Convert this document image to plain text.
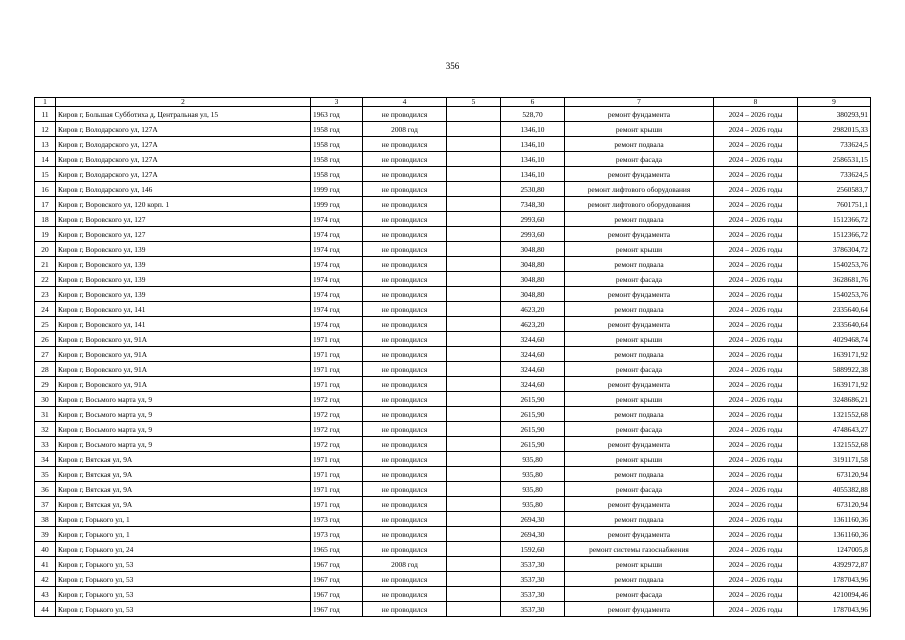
356
1	2	3	4	5	6	7	8	9
11	Киров г, Большая Субботиха д, Центральная ул, 15	1963 год	не проводился		528,70	ремонт фундамента	2024 – 2026 годы	380293,91
12	Киров г, Володарского ул, 127А	1958 год	2008 год		1346,10	ремонт крыши	2024 – 2026 годы	2982015,33
13	Киров г, Володарского ул, 127А	1958 год	не проводился		1346,10	ремонт подвала	2024 – 2026 годы	733624,5
14	Киров г, Володарского ул, 127А	1958 год	не проводился		1346,10	ремонт фасада	2024 – 2026 годы	2586531,15
15	Киров г, Володарского ул, 127А	1958 год	не проводился		1346,10	ремонт фундамента	2024 – 2026 годы	733624,5
16	Киров г, Володарского ул, 146	1999 год	не проводился		2530,80	ремонт лифтового оборудования	2024 – 2026 годы	2560583,7
17	Киров г, Воровского ул, 120 корп. 1	1999 год	не проводился		7348,30	ремонт лифтового оборудования	2024 – 2026 годы	7601751,1
18	Киров г, Воровского ул, 127	1974 год	не проводился		2993,60	ремонт подвала	2024 – 2026 годы	1512366,72
19	Киров г, Воровского ул, 127	1974 год	не проводился		2993,60	ремонт фундамента	2024 – 2026 годы	1512366,72
20	Киров г, Воровского ул, 139	1974 год	не проводился		3048,80	ремонт крыши	2024 – 2026 годы	3786304,72
21	Киров г, Воровского ул, 139	1974 год	не проводился		3048,80	ремонт подвала	2024 – 2026 годы	1540253,76
22	Киров г, Воровского ул, 139	1974 год	не проводился		3048,80	ремонт фасада	2024 – 2026 годы	3628681,76
23	Киров г, Воровского ул, 139	1974 год	не проводился		3048,80	ремонт фундамента	2024 – 2026 годы	1540253,76
24	Киров г, Воровского ул, 141	1974 год	не проводился		4623,20	ремонт подвала	2024 – 2026 годы	2335640,64
25	Киров г, Воровского ул, 141	1974 год	не проводился		4623,20	ремонт фундамента	2024 – 2026 годы	2335640,64
26	Киров г, Воровского ул, 91А	1971 год	не проводился		3244,60	ремонт крыши	2024 – 2026 годы	4029468,74
27	Киров г, Воровского ул, 91А	1971 год	не проводился		3244,60	ремонт подвала	2024 – 2026 годы	1639171,92
28	Киров г, Воровского ул, 91А	1971 год	не проводился		3244,60	ремонт фасада	2024 – 2026 годы	5889922,38
29	Киров г, Воровского ул, 91А	1971 год	не проводился		3244,60	ремонт фундамента	2024 – 2026 годы	1639171,92
30	Киров г, Восьмого марта ул, 9	1972 год	не проводился		2615,90	ремонт крыши	2024 – 2026 годы	3248686,21
31	Киров г, Восьмого марта ул, 9	1972 год	не проводился		2615,90	ремонт подвала	2024 – 2026 годы	1321552,68
32	Киров г, Восьмого марта ул, 9	1972 год	не проводился		2615,90	ремонт фасада	2024 – 2026 годы	4748643,27
33	Киров г, Восьмого марта ул, 9	1972 год	не проводился		2615,90	ремонт фундамента	2024 – 2026 годы	1321552,68
34	Киров г, Вятская ул, 9А	1971 год	не проводился		935,80	ремонт крыши	2024 – 2026 годы	3191171,58
35	Киров г, Вятская ул, 9А	1971 год	не проводился		935,80	ремонт подвала	2024 – 2026 годы	673120,94
36	Киров г, Вятская ул, 9А	1971 год	не проводился		935,80	ремонт фасада	2024 – 2026 годы	4055382,88
37	Киров г, Вятская ул, 9А	1971 год	не проводился		935,80	ремонт фундамента	2024 – 2026 годы	673120,94
38	Киров г, Горького ул, 1	1973 год	не проводился		2694,30	ремонт подвала	2024 – 2026 годы	1361160,36
39	Киров г, Горького ул, 1	1973 год	не проводился		2694,30	ремонт фундамента	2024 – 2026 годы	1361160,36
40	Киров г, Горького ул, 24	1965 год	не проводился		1592,60	ремонт системы газоснабжения	2024 – 2026 годы	1247005,8
41	Киров г, Горького ул, 53	1967 год	2008 год		3537,30	ремонт крыши	2024 – 2026 годы	4392972,87
42	Киров г, Горького ул, 53	1967 год	не проводился		3537,30	ремонт подвала	2024 – 2026 годы	1787043,96
43	Киров г, Горького ул, 53	1967 год	не проводился		3537,30	ремонт фасада	2024 – 2026 годы	4210094,46
44	Киров г, Горького ул, 53	1967 год	не проводился		3537,30	ремонт фундамента	2024 – 2026 годы	1787043,96
